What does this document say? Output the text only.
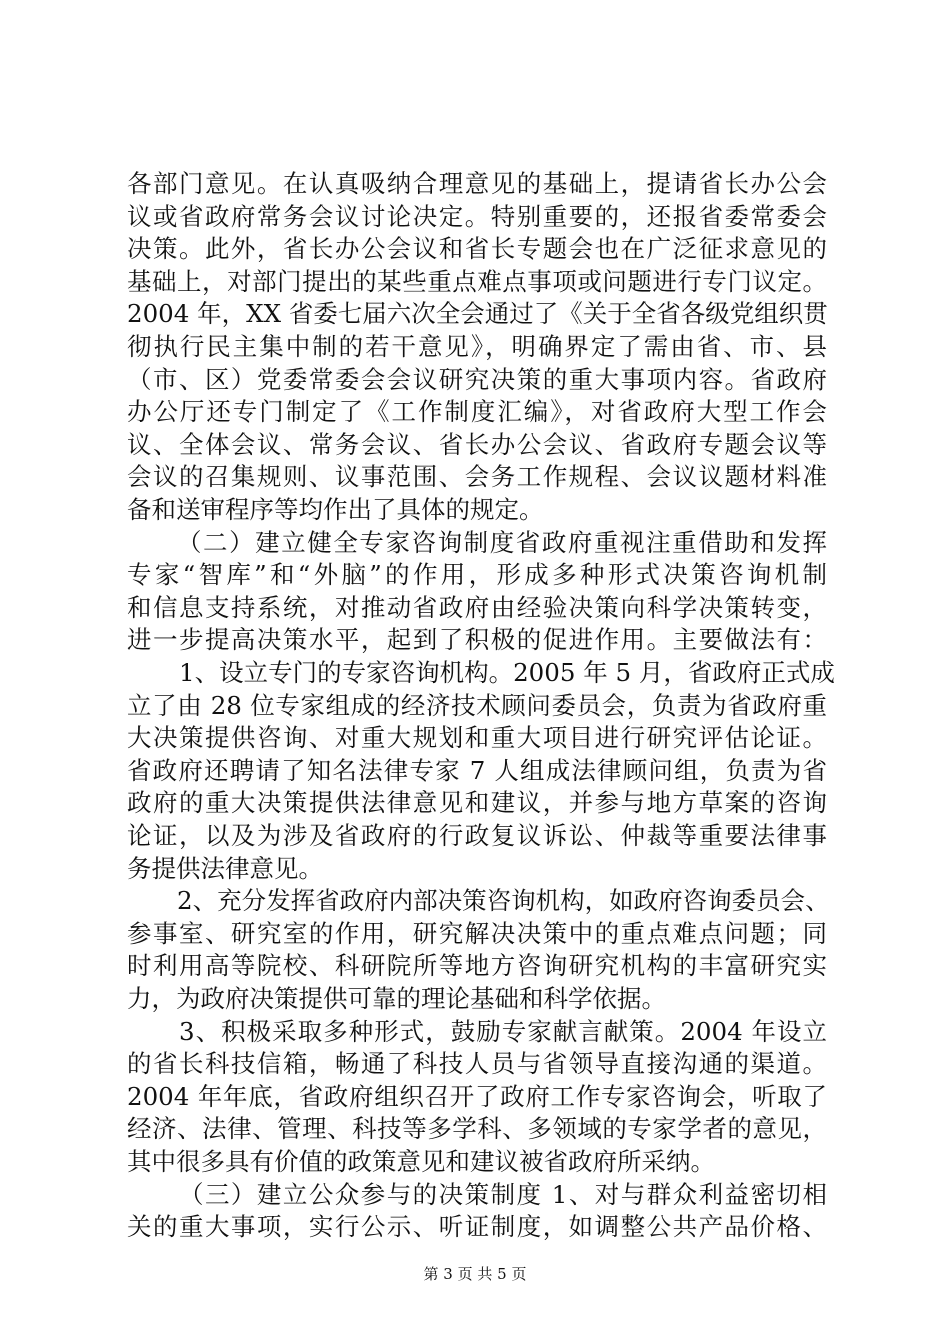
各部门意见。在认真吸纳合理意见的基础上，提请省长办公会
议或省政府常务会议讨论决定。特别重要的，还报省委常委会
决策。此外，省长办公会议和省长专题会也在广泛征求意见的
基础上，对部门提出的某些重点难点事项或问题进行专门议定。
2004 年，XX 省委七届六次全会通过了《关于全省各级党组织贯
彻执行民主集中制的若干意见》，明确界定了需由省、市、县
（市、区）党委常委会会议研究决策的重大事项内容。省政府
办公厅还专门制定了《工作制度汇编》，对省政府大型工作会
议、全体会议、常务会议、省长办公会议、省政府专题会议等
会议的召集规则、议事范围、会务工作规程、会议议题材料准
备和送审程序等均作出了具体的规定。
（二）建立健全专家咨询制度省政府重视注重借助和发挥
专家“智库”和“外脑”的作用，形成多种形式决策咨询机制
和信息支持系统，对推动省政府由经验决策向科学决策转变，
进一步提高决策水平，起到了积极的促进作用。主要做法有：
1、设立专门的专家咨询机构。2005 年 5 月，省政府正式成
立了由 28 位专家组成的经济技术顾问委员会，负责为省政府重
大决策提供咨询、对重大规划和重大项目进行研究评估论证。
省政府还聘请了知名法律专家 7 人组成法律顾问组，负责为省
政府的重大决策提供法律意见和建议，并参与地方草案的咨询
论证，以及为涉及省政府的行政复议诉讼、仲裁等重要法律事
务提供法律意见。
2、充分发挥省政府内部决策咨询机构，如政府咨询委员会、
参事室、研究室的作用，研究解决决策中的重点难点问题；同
时利用高等院校、科研院所等地方咨询研究机构的丰富研究实
力，为政府决策提供可靠的理论基础和科学依据。
3、积极采取多种形式，鼓励专家献言献策。2004 年设立
的省长科技信箱，畅通了科技人员与省领导直接沟通的渠道。
2004 年年底，省政府组织召开了政府工作专家咨询会，听取了
经济、法律、管理、科技等多学科、多领域的专家学者的意见，
其中很多具有价值的政策意见和建议被省政府所采纳。
（三）建立公众参与的决策制度 1、对与群众利益密切相
关的重大事项，实行公示、听证制度，如调整公共产品价格、
第 3 页 共 5 页
